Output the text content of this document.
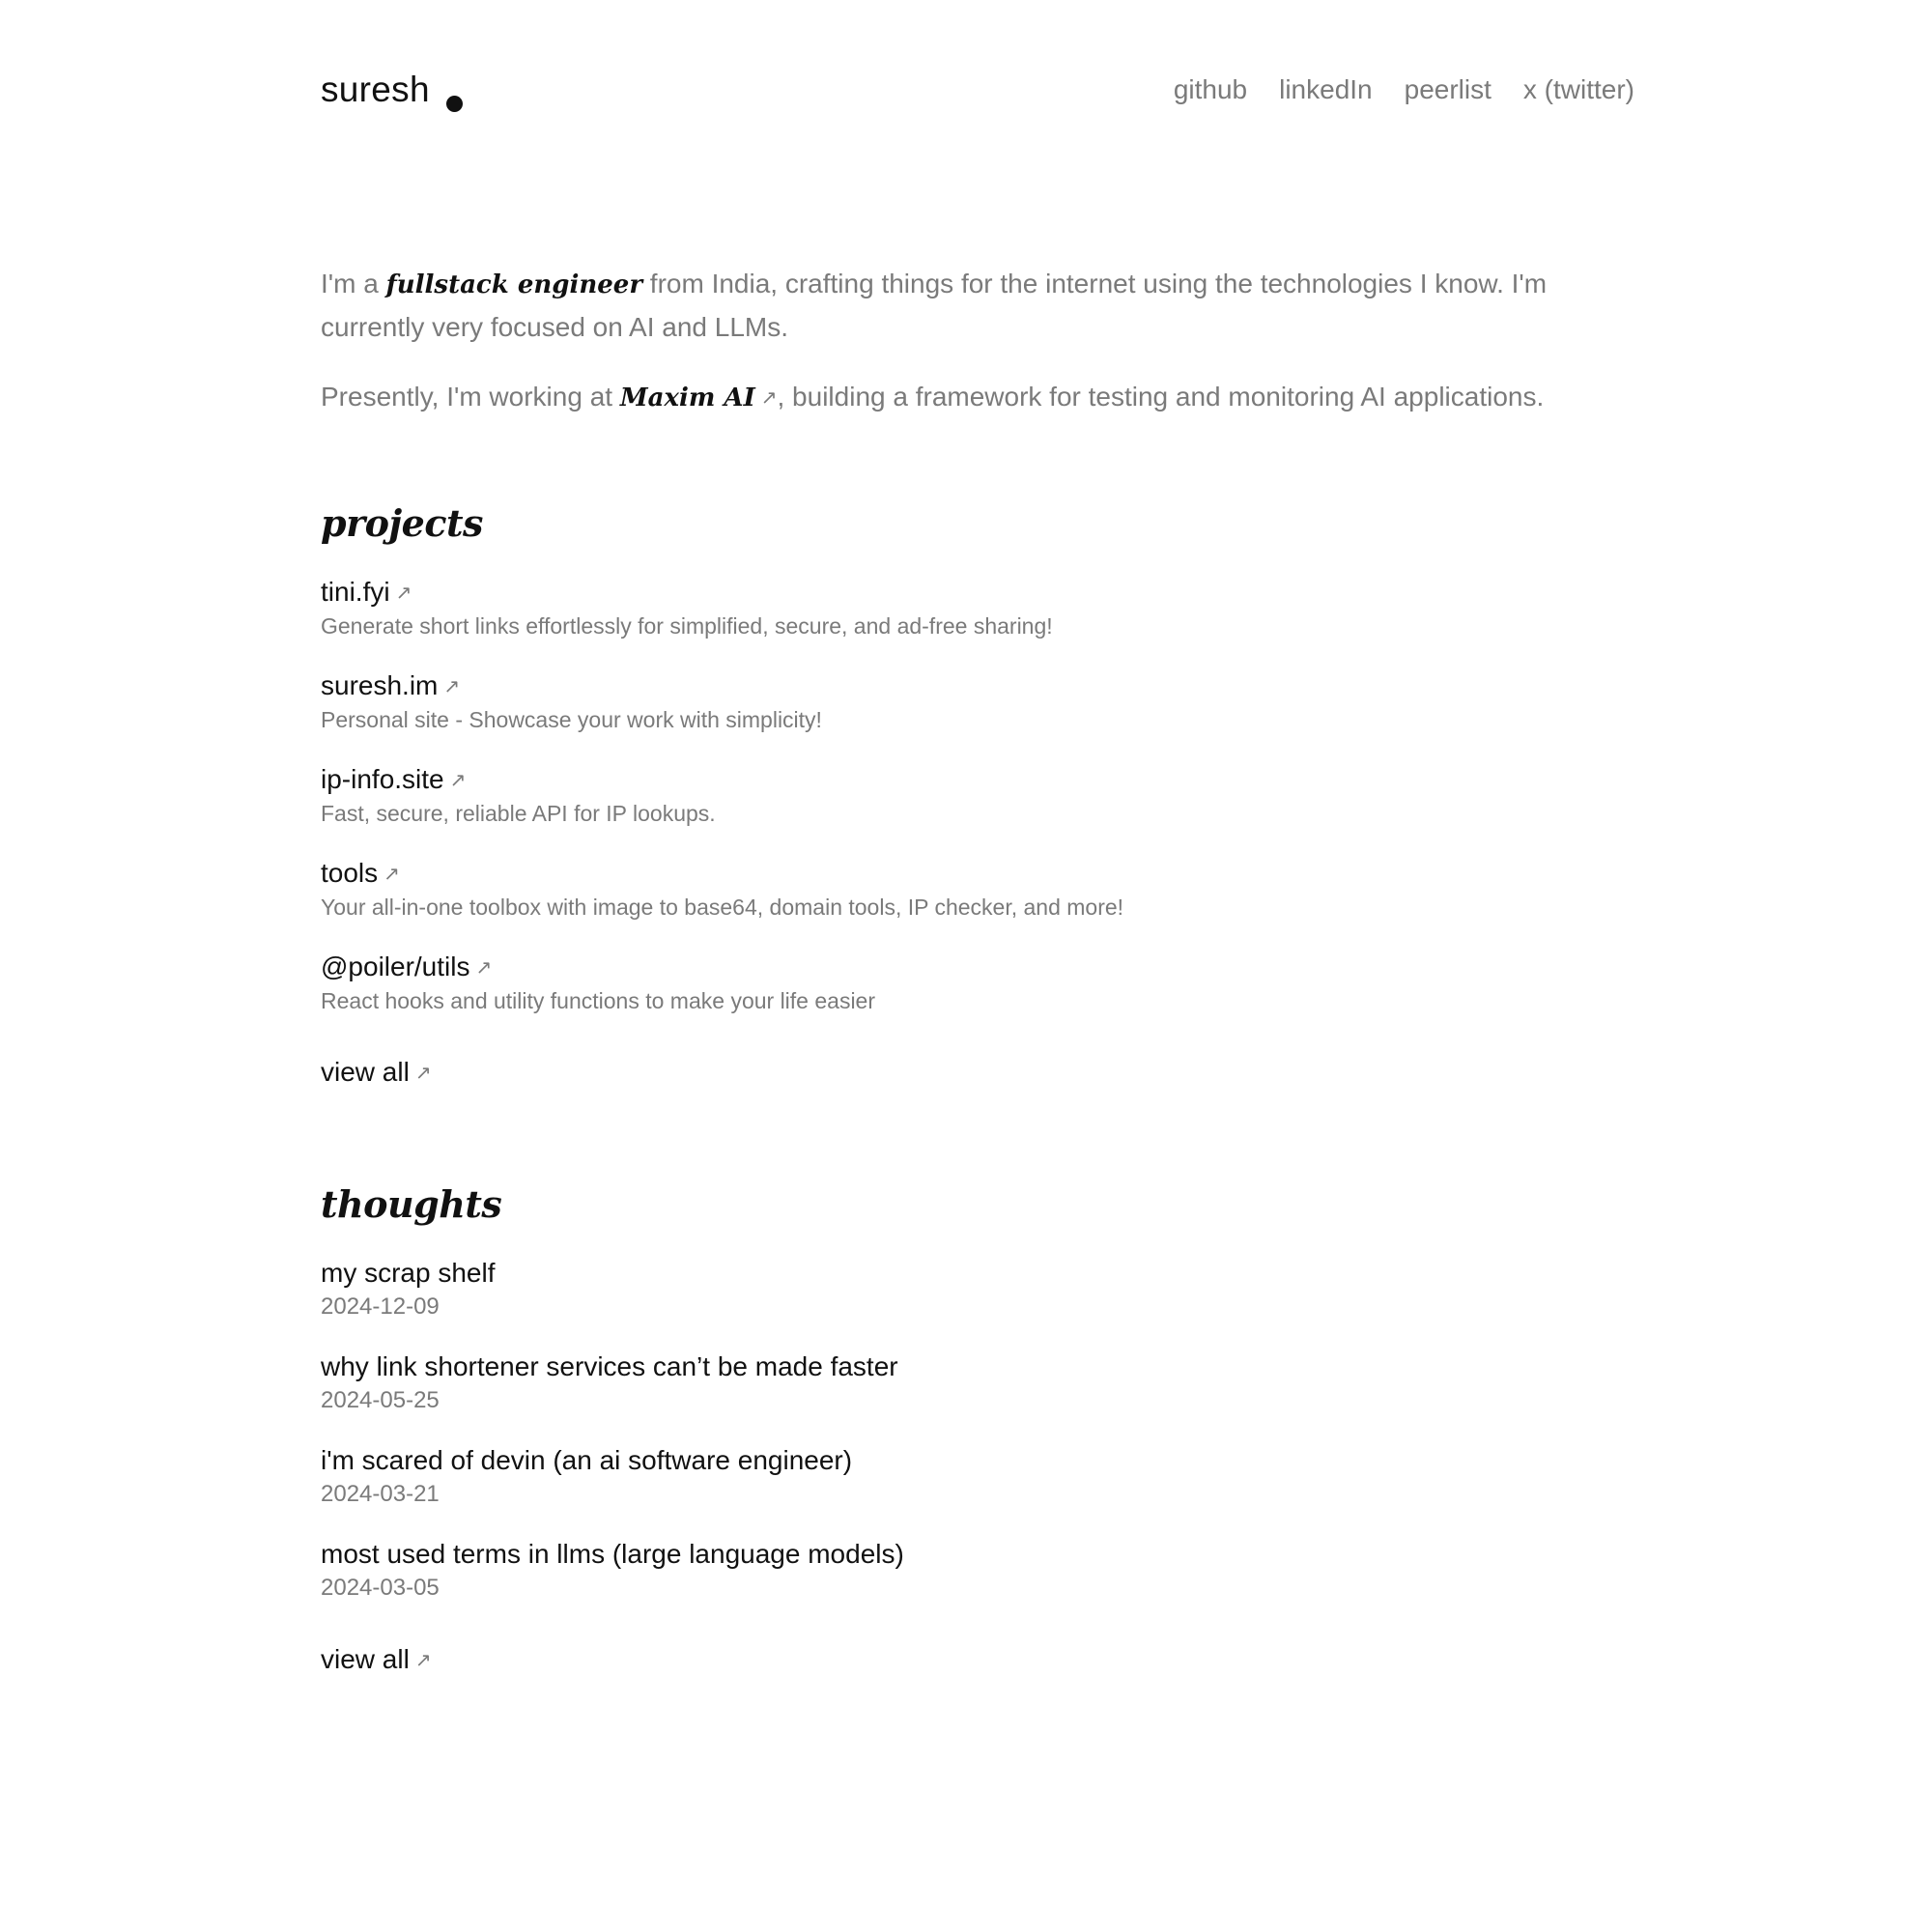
suresh	github linkedIn peerlist x (twitter)

I'm a fullstack engineer from India, crafting things for the internet using the technologies I know. I'm currently very focused on AI and LLMs.

Presently, I'm working at Maxim AI ↗, building a framework for testing and monitoring AI applications.

projects
tini.fyi ↗
Generate short links effortlessly for simplified, secure, and ad-free sharing!
suresh.im ↗
Personal site - Showcase your work with simplicity!
ip-info.site ↗
Fast, secure, reliable API for IP lookups.
tools ↗
Your all-in-one toolbox with image to base64, domain tools, IP checker, and more!
@poiler/utils ↗
React hooks and utility functions to make your life easier
view all ↗
thoughts
my scrap shelf
2024-12-09
why link shortener services can’t be made faster
2024-05-25
i'm scared of devin (an ai software engineer)
2024-03-21
most used terms in llms (large language models)
2024-03-05
view all ↗
